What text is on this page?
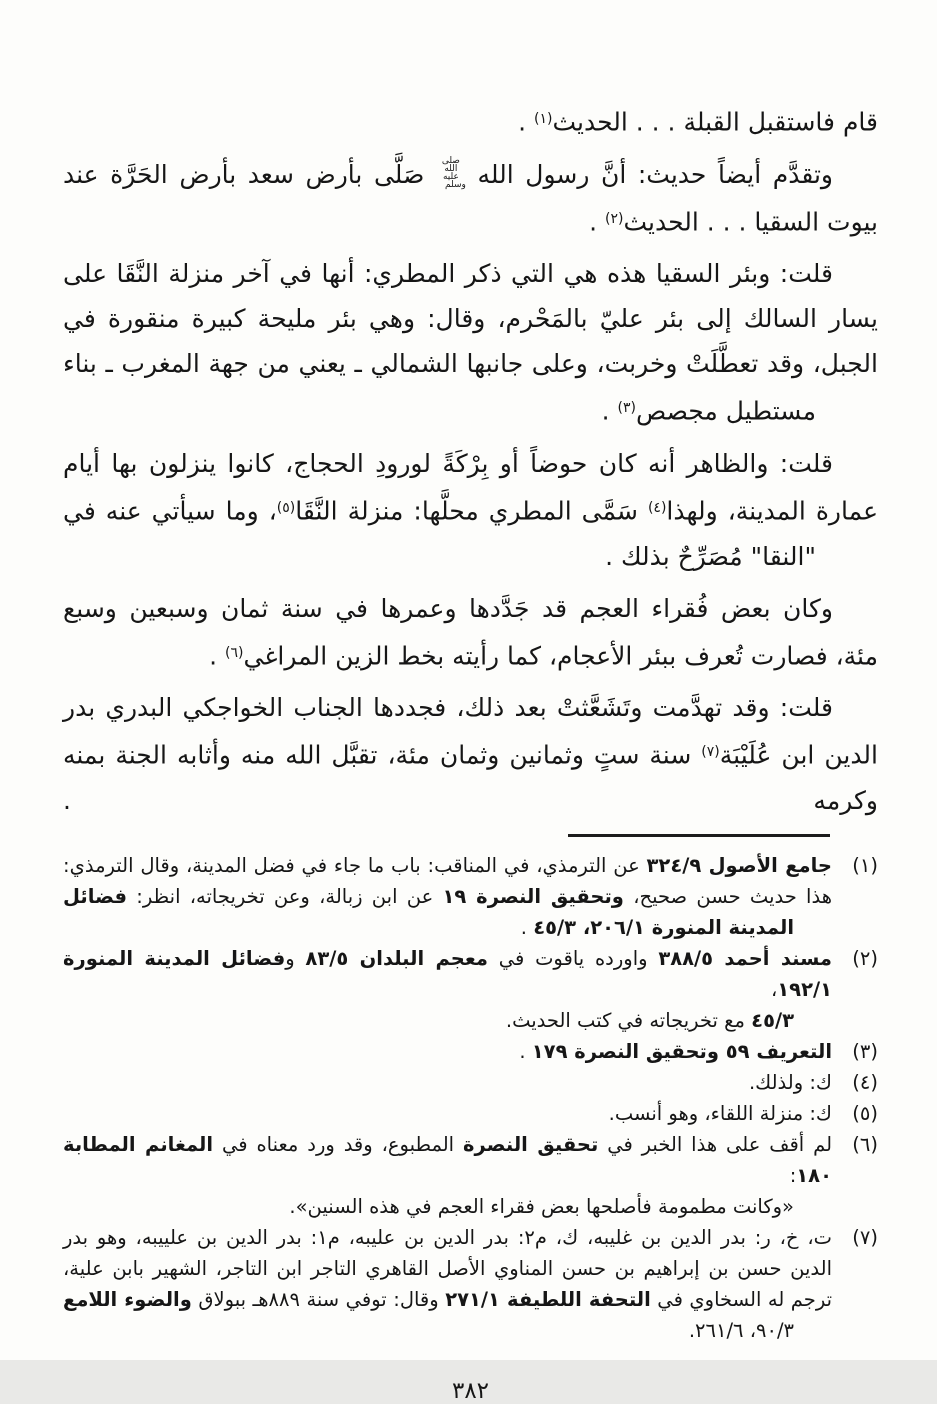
قام فاستقبل القبلة . . . الحديث$^{(١)}$ .
وتقدَّم أيضاً حديث: أنَّ رسول الله صلى الله عليه وسلم صَلَّى بأرض سعد بأرض الحَرَّة عند
بيوت السقيا . . . الحديث$^{(٢)}$ .
قلت: وبئر السقيا هذه هي التي ذكر المطري: أنها في آخر منزلة النَّقَا على
يسار السالك إلى بئر عليّ بالمَحْرم، وقال: وهي بئر مليحة كبيرة منقورة في
الجبل، وقد تعطَّلَتْ وخربت، وعلى جانبها الشمالي ـ يعني من جهة المغرب ـ بناء
مستطيل مجصص$^{(٣)}$ .
قلت: والظاهر أنه كان حوضاً أو بِرْكَةً لورودِ الحجاج، كانوا ينزلون بها أيام
عمارة المدينة، ولهذا$^{(٤)}$ سَمَّى المطري محلَّها: منزلة النَّقَا$^{(٥)}$، وما سيأتي عنه في
"النقا" مُصَرِّحٌ بذلك .
وكان بعض فُقراء العجم قد جَدَّدها وعمرها في سنة ثمان وسبعين وسبع
مئة، فصارت تُعرف ببئر الأعجام، كما رأيته بخط الزين المراغي$^{(٦)}$ .
قلت: وقد تهدَّمت وتَشَعَّثتْ بعد ذلك، فجددها الجناب الخواجكي البدري بدر
الدين ابن عُلَيْبَة$^{(٧)}$ سنة ستٍ وثمانين وثمان مئة، تقبَّل الله منه وأثابه الجنة بمنه وكرمه .
(١)
جامع الأصول ٣٢٤/٩ عن الترمذي، في المناقب: باب ما جاء في فضل المدينة، وقال الترمذي:
هذا حديث حسن صحيح، وتحقيق النصرة ١٩ عن ابن زبالة، وعن تخريجاته، انظر: فضائل
المدينة المنورة ٢٠٦/١، ٤٥/٣ .
(٢)
مسند أحمد ٣٨٨/٥ واورده ياقوت في معجم البلدان ٨٣/٥ وفضائل المدينة المنورة ١٩٢/١،
٤٥/٣ مع تخريجاته في كتب الحديث.
(٣)
التعريف ٥٩ وتحقيق النصرة ١٧٩ .
(٤)
ك: ولذلك.
(٥)
ك: منزلة اللقاء، وهو أنسب.
(٦)
لم أقف على هذا الخبر في تحقيق النصرة المطبوع، وقد ورد معناه في المغانم المطابة ١٨٠:
«وكانت مطمومة فأصلحها بعض فقراء العجم في هذه السنين».
(٧)
ت، خ، ر: بدر الدين بن غليبه، ك، م٢: بدر الدين بن عليبه، م١: بدر الدين بن علييبه، وهو بدر
الدين حسن بن إبراهيم بن حسن المناوي الأصل القاهري التاجر ابن التاجر، الشهير بابن علية،
ترجم له السخاوي في التحفة اللطيفة ٢٧١/١ وقال: توفي سنة ٨٨٩هـ ببولاق والضوء اللامع
٩٠/٣، ٢٦١/٦.
٣٨٢
